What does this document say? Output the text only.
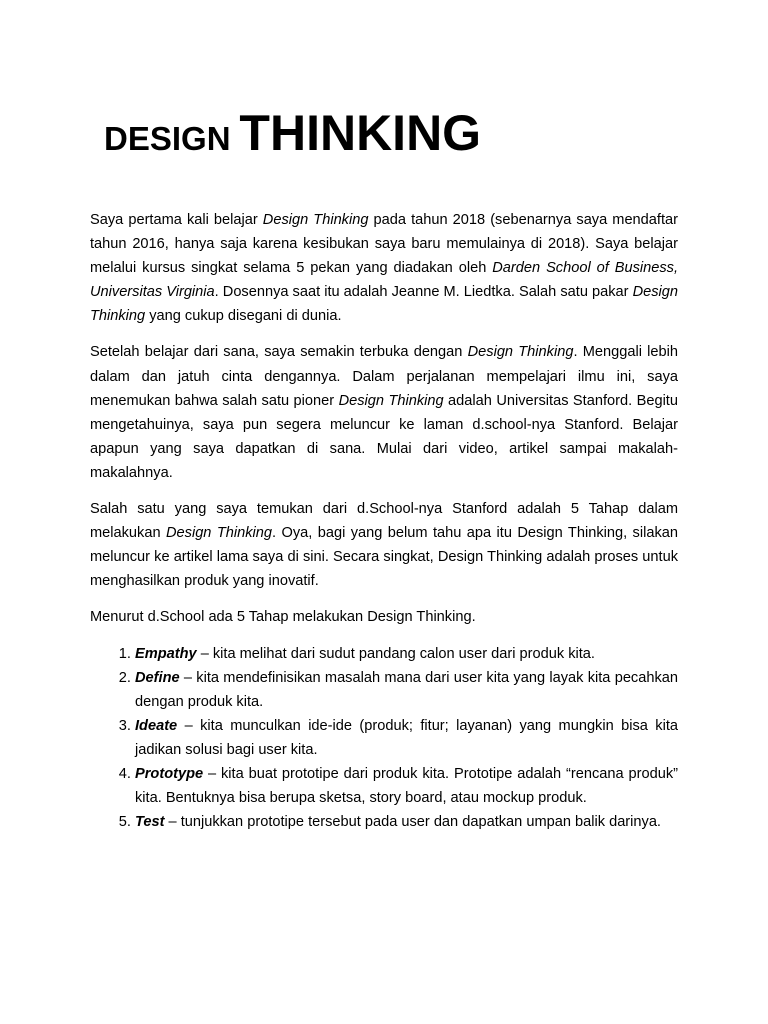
DESIGN THINKING

Saya pertama kali belajar Design Thinking pada tahun 2018 (sebenarnya saya mendaftar tahun 2016, hanya saja karena kesibukan saya baru memulainya di 2018). Saya belajar melalui kursus singkat selama 5 pekan yang diadakan oleh Darden School of Business, Universitas Virginia. Dosennya saat itu adalah Jeanne M. Liedtka. Salah satu pakar Design Thinking yang cukup disegani di dunia.

Setelah belajar dari sana, saya semakin terbuka dengan Design Thinking. Menggali lebih dalam dan jatuh cinta dengannya. Dalam perjalanan mempelajari ilmu ini, saya menemukan bahwa salah satu pioner Design Thinking adalah Universitas Stanford. Begitu mengetahuinya, saya pun segera meluncur ke laman d.school-nya Stanford. Belajar apapun yang saya dapatkan di sana. Mulai dari video, artikel sampai makalah-makalahnya.

Salah satu yang saya temukan dari d.School-nya Stanford adalah 5 Tahap dalam melakukan Design Thinking. Oya, bagi yang belum tahu apa itu Design Thinking, silakan meluncur ke artikel lama saya di sini. Secara singkat, Design Thinking adalah proses untuk menghasilkan produk yang inovatif.

Menurut d.School ada 5 Tahap melakukan Design Thinking.

1. Empathy – kita melihat dari sudut pandang calon user dari produk kita.
2. Define – kita mendefinisikan masalah mana dari user kita yang layak kita pecahkan dengan produk kita.
3. Ideate – kita munculkan ide-ide (produk; fitur; layanan) yang mungkin bisa kita jadikan solusi bagi user kita.
4. Prototype – kita buat prototipe dari produk kita. Prototipe adalah “rencana produk” kita. Bentuknya bisa berupa sketsa, story board, atau mockup produk.
5. Test – tunjukkan prototipe tersebut pada user dan dapatkan umpan balik darinya.
